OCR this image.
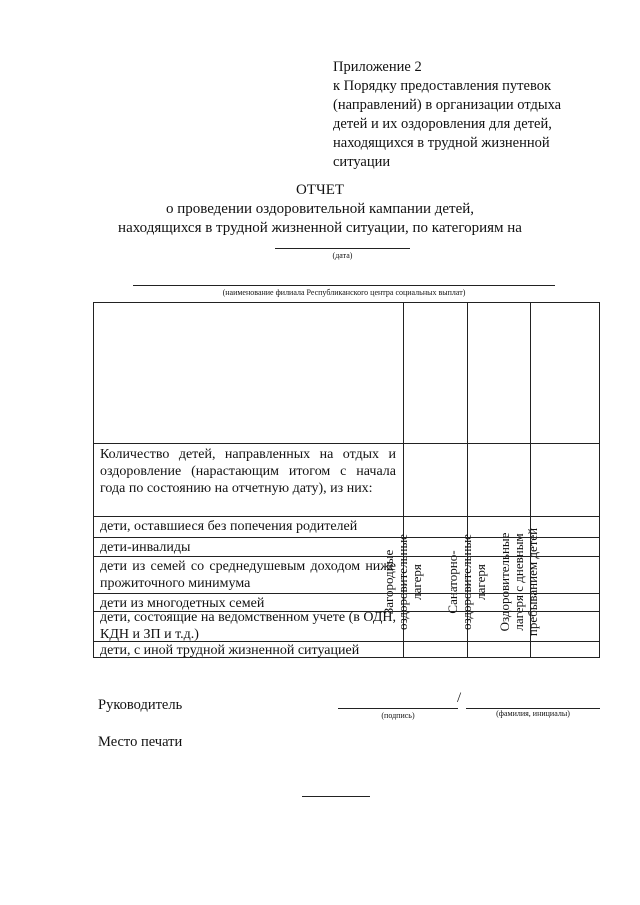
Приложение 2
к Порядку предоставления путевок
(направлений) в организации отдыха
детей и их оздоровления для детей,
находящихся в трудной жизненной
ситуации
ОТЧЕТ
о проведении оздоровительной кампании детей,
находящихся в трудной жизненной ситуации, по категориям на
(дата)
(наименование филиала Республиканского центра социальных выплат)
Загородные оздоровительные лагеря Санаторно-оздоровительные лагеря Оздоровительные лагеря с дневным пребыванием детей
Количество детей, направленных на отдых и оздоровление (нарастающим итогом с начала года по состоянию на отчетную дату), из них:
дети, оставшиеся без попечения родителей
дети-инвалиды
дети из семей со среднедушевым доходом ниже прожиточного минимума
дети из многодетных семей
дети, состоящие на ведомственном учете (в ОДН, КДН и ЗП и т.д.)
дети, с иной трудной жизненной ситуацией
Руководитель	/
(подпись)	(фамилия, инициалы)
Место печати
